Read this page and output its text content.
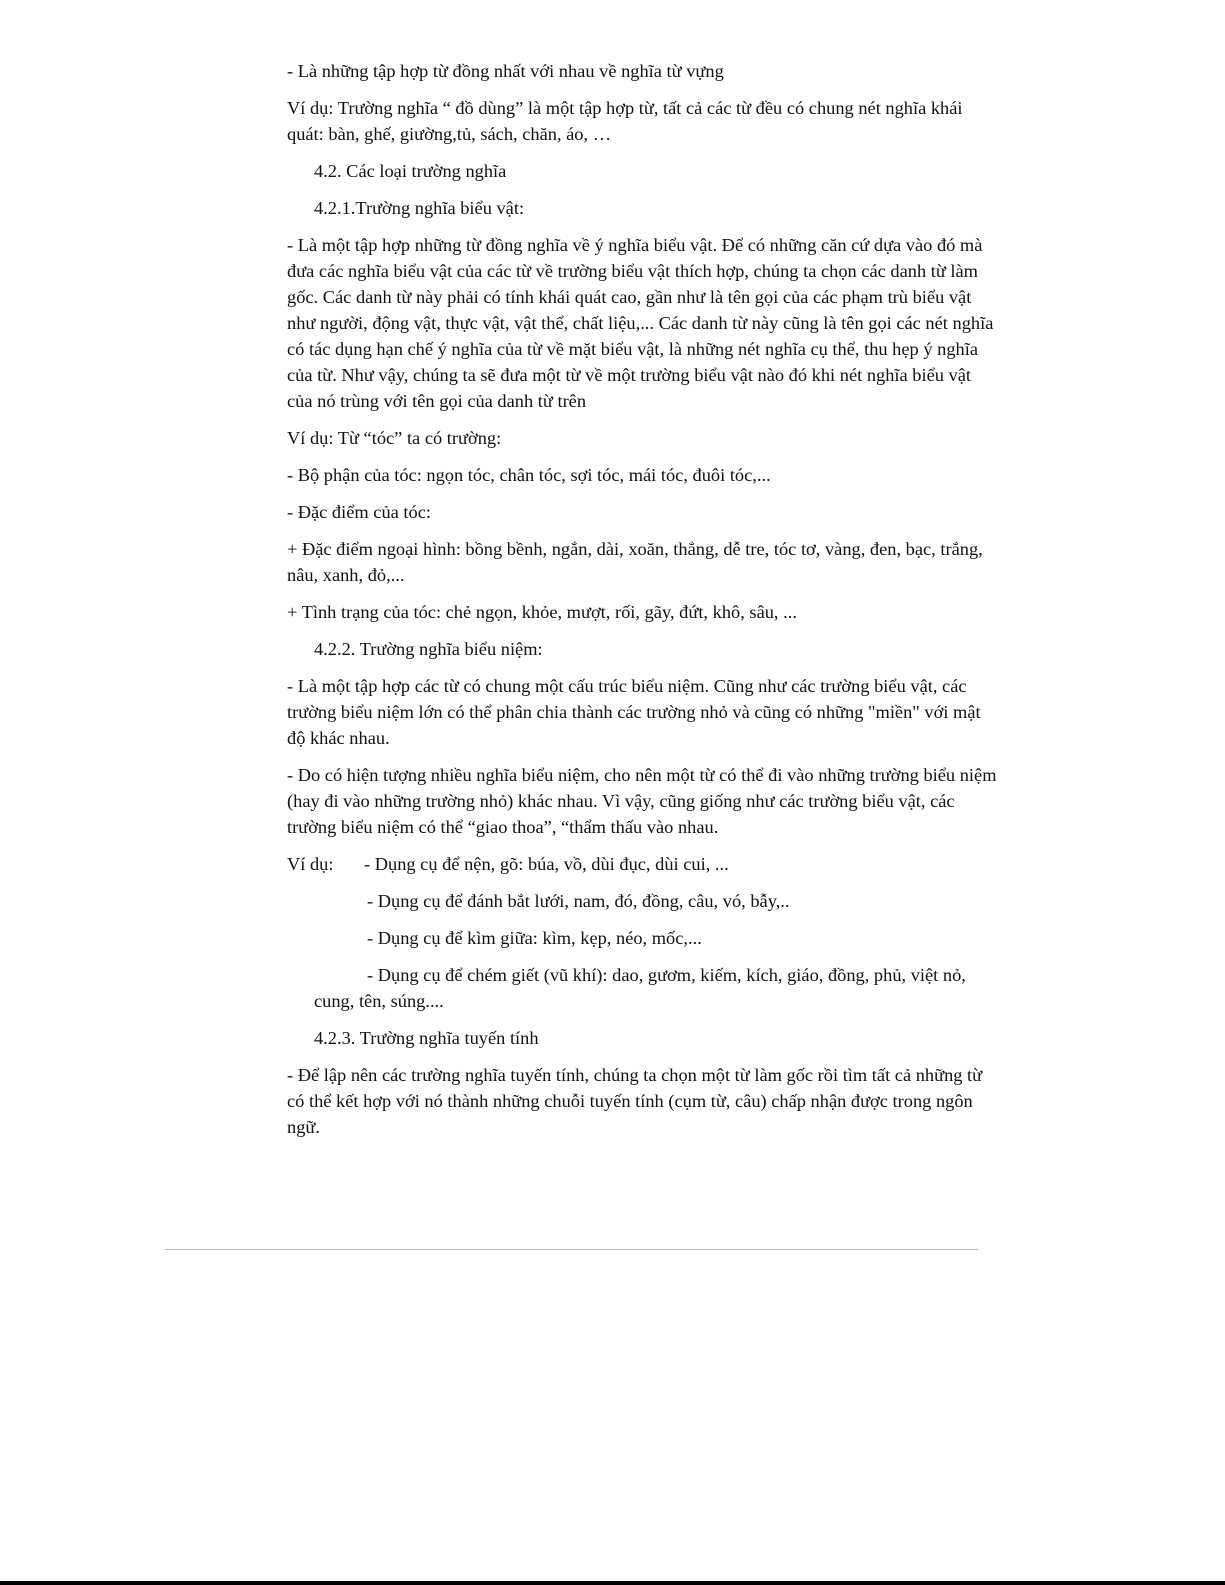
- Là những tập hợp từ đồng nhất với nhau về nghĩa từ vựng

Ví dụ: Trường nghĩa “ đồ dùng” là một tập hợp từ, tất cả các từ đều có chung nét nghĩa khái quát: bàn, ghế, giường,tủ, sách, chăn, áo, …

4.2. Các loại trường nghĩa

4.2.1.Trường nghĩa biểu vật:

- Là một tập hợp những từ đồng nghĩa về ý nghĩa biểu vật. Để có những căn cứ dựa vào đó mà đưa các nghĩa biểu vật của các từ về trường biểu vật thích hợp, chúng ta chọn các danh từ làm gốc. Các danh từ này phải có tính khái quát cao, gần như là tên gọi của các phạm trù biểu vật như người, động vật, thực vật, vật thể, chất liệu,... Các danh từ này cũng là tên gọi các nét nghĩa có tác dụng hạn chế ý nghĩa của từ về mặt biểu vật, là những nét nghĩa cụ thể, thu hẹp ý nghĩa của từ. Như vậy, chúng ta sẽ đưa một từ về một trường biểu vật nào đó khi nét nghĩa biểu vật của nó trùng với tên gọi của danh từ trên

Ví dụ: Từ “tóc” ta có trường:

- Bộ phận của tóc: ngọn tóc, chân tóc, sợi tóc, mái tóc, đuôi tóc,...

- Đặc điểm của tóc:

+ Đặc điểm ngoại hình: bồng bềnh, ngắn, dài, xoăn, thẳng, dễ tre, tóc tơ, vàng, đen, bạc, trắng, nâu, xanh, đỏ,...

+ Tình trạng của tóc: chẻ ngọn, khỏe, mượt, rối, gãy, đứt, khô, sâu, ...

4.2.2. Trường nghĩa biểu niệm:

- Là một tập hợp các từ có chung một cấu trúc biểu niệm. Cũng như các trường biểu vật, các trường biểu niệm lớn có thể phân chia thành các trường nhỏ và cũng có những "miền" với mật độ khác nhau.

- Do có hiện tượng nhiều nghĩa biểu niệm, cho nên một từ có thể đi vào những trường biểu niệm (hay đi vào những trường nhỏ) khác nhau. Vì vậy, cũng giống như các trường biểu vật, các trường biểu niệm có thể “giao thoa”, “thẩm thấu vào nhau.

Ví dụ:	- Dụng cụ để nện, gõ: búa, vồ, dùi đục, dùi cui, ...

- Dụng cụ để đánh bắt lưới, nam, đó, đồng, câu, vó, bẫy,..

- Dụng cụ để kìm giữa: kìm, kẹp, néo, mốc,...

- Dụng cụ để chém giết (vũ khí): dao, gươm, kiếm, kích, giáo, đồng, phủ, việt nỏ, cung, tên, súng....

4.2.3. Trường nghĩa tuyến tính

- Để lập nên các trường nghĩa tuyến tính, chúng ta chọn một từ làm gốc rồi tìm tất cả những từ có thể kết hợp với nó thành những chuỗi tuyến tính (cụm từ, câu) chấp nhận được trong ngôn ngữ.
